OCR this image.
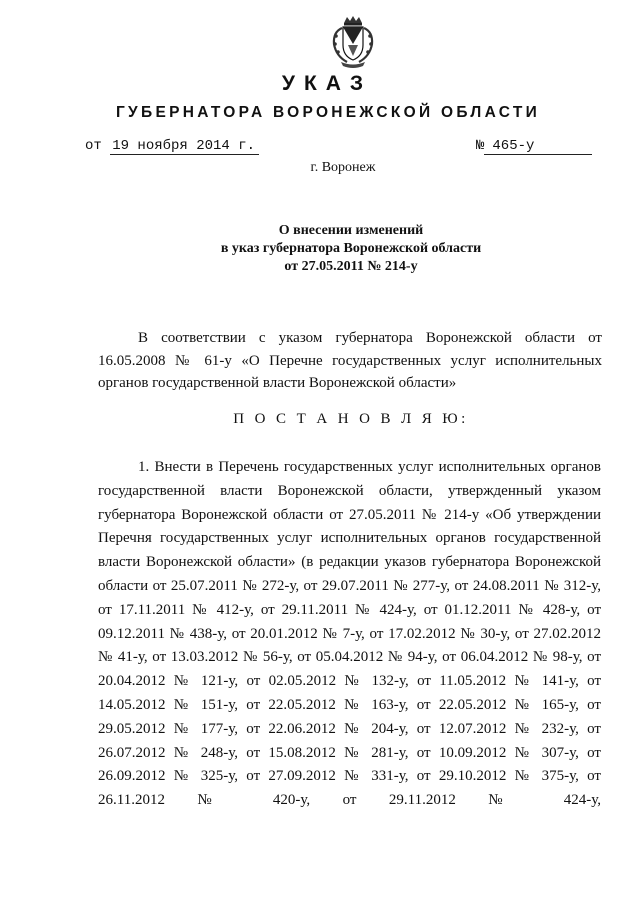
УКАЗ
ГУБЕРНАТОРА ВОРОНЕЖСКОЙ ОБЛАСТИ
от 19 ноября 2014 г.	№ 465-у
г. Воронеж
О внесении изменений
в указ губернатора Воронежской области
от 27.05.2011 № 214-у

В соответствии с указом губернатора Воронежской области от 16.05.2008 № 61-у «О Перечне государственных услуг исполнительных органов государственной власти Воронежской области»

П О С Т А Н О В Л Я Ю:

1. Внести в Перечень государственных услуг исполнительных органов государственной власти Воронежской области, утвержденный указом губернатора Воронежской области от 27.05.2011 № 214-у «Об утверждении Перечня государственных услуг исполнительных органов государственной власти Воронежской области» (в редакции указов губернатора Воронежской области от 25.07.2011 № 272-у, от 29.07.2011 № 277-у, от 24.08.2011 № 312-у, от 17.11.2011 № 412-у, от 29.11.2011 № 424-у, от 01.12.2011 № 428-у, от 09.12.2011 № 438-у, от 20.01.2012 № 7-у, от 17.02.2012 № 30-у, от 27.02.2012 № 41-у, от 13.03.2012 № 56-у, от 05.04.2012 № 94-у, от 06.04.2012 № 98-у, от 20.04.2012 № 121-у, от 02.05.2012 № 132-у, от 11.05.2012 № 141-у, от 14.05.2012 № 151-у, от 22.05.2012 № 163-у, от 22.05.2012 № 165-у, от 29.05.2012 № 177-у, от 22.06.2012 № 204-у, от 12.07.2012 № 232-у, от 26.07.2012 № 248-у, от 15.08.2012 № 281-у, от 10.09.2012 № 307-у, от 26.09.2012 № 325-у, от 27.09.2012 № 331-у, от 29.10.2012 № 375-у, от 26.11.2012 № 420-у, от 29.11.2012 № 424-у,
